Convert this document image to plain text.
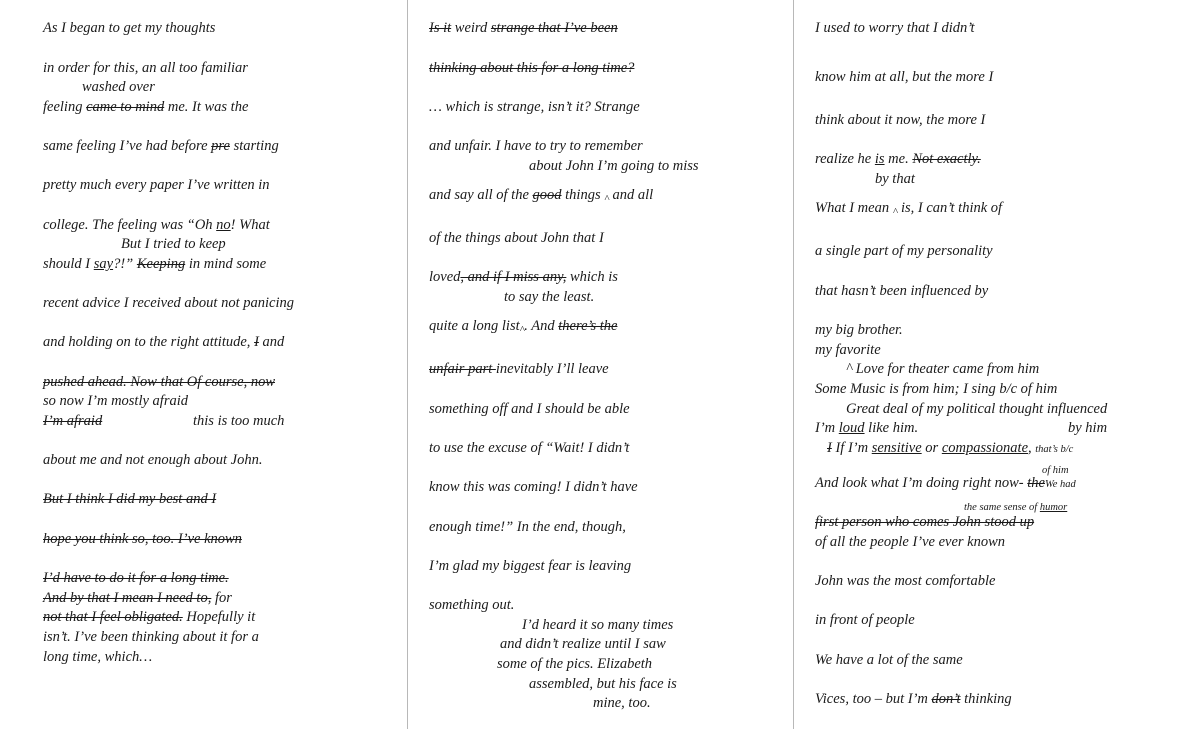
As I began to get my thoughts
in order for this, an all too familiar
washed over
feeling came to mind me. It was the
same feeling I’ve had before pre starting
pretty much every paper I’ve written in
college. The feeling was “Oh no! What
But I tried to keep
should I say?!” Keeping in mind some
recent advice I received about not panicing
and holding on to the right attitude, I and
pushed ahead. Now that Of course, now
so now I’m mostly afraid
I’m afraid	this is too much
about me and not enough about John.
But I think I did my best and I
hope you think so, too. I’ve known
I’d have to do it for a long time.
And by that I mean I need to, for
not that I feel obligated. Hopefully it
isn’t. I’ve been thinking about it for a
long time, which…
Is it weird strange that I’ve been
thinking about this for a long time?
… which is strange, isn’t it? Strange
and unfair. I have to try to remember
about John I’m going to miss
and say all of the good things $_{\^{}}$ and all
of the things about John that I
loved, and if I miss any, which is
to say the least.
quite a long list$_{\^{}}$. And there’s the
unfair part inevitably I’ll leave
something off and I should be able
to use the excuse of “Wait! I didn’t
know this was coming! I didn’t have
enough time!” In the end, though,
I’m glad my biggest fear is leaving
something out.
I’d heard it so many times
and didn’t realize until I saw
some of the pics. Elizabeth
assembled, but his face is
mine, too.
I used to worry that I didn’t
know him at all, but the more I
think about it now, the more I
realize he is me. Not exactly.
by that
What I mean $_{\^{}}$ is, I can’t think of
a single part of my personality
that hasn’t been influenced by
my big brother.
my favorite
^ Love for theater came from him
Some Music is from him; I sing b/c of him
Great deal of my political thought influenced
I’m loud like him.	by him
I If I’m sensitive or compassionate, that’s b/c
of him
And look what I’m doing right now- theWe had
the same sense of humor
first person who comes John stood up
of all the people I’ve ever known
John was the most comfortable
in front of people
We have a lot of the same
Vices, too – but I’m don’t thinking
